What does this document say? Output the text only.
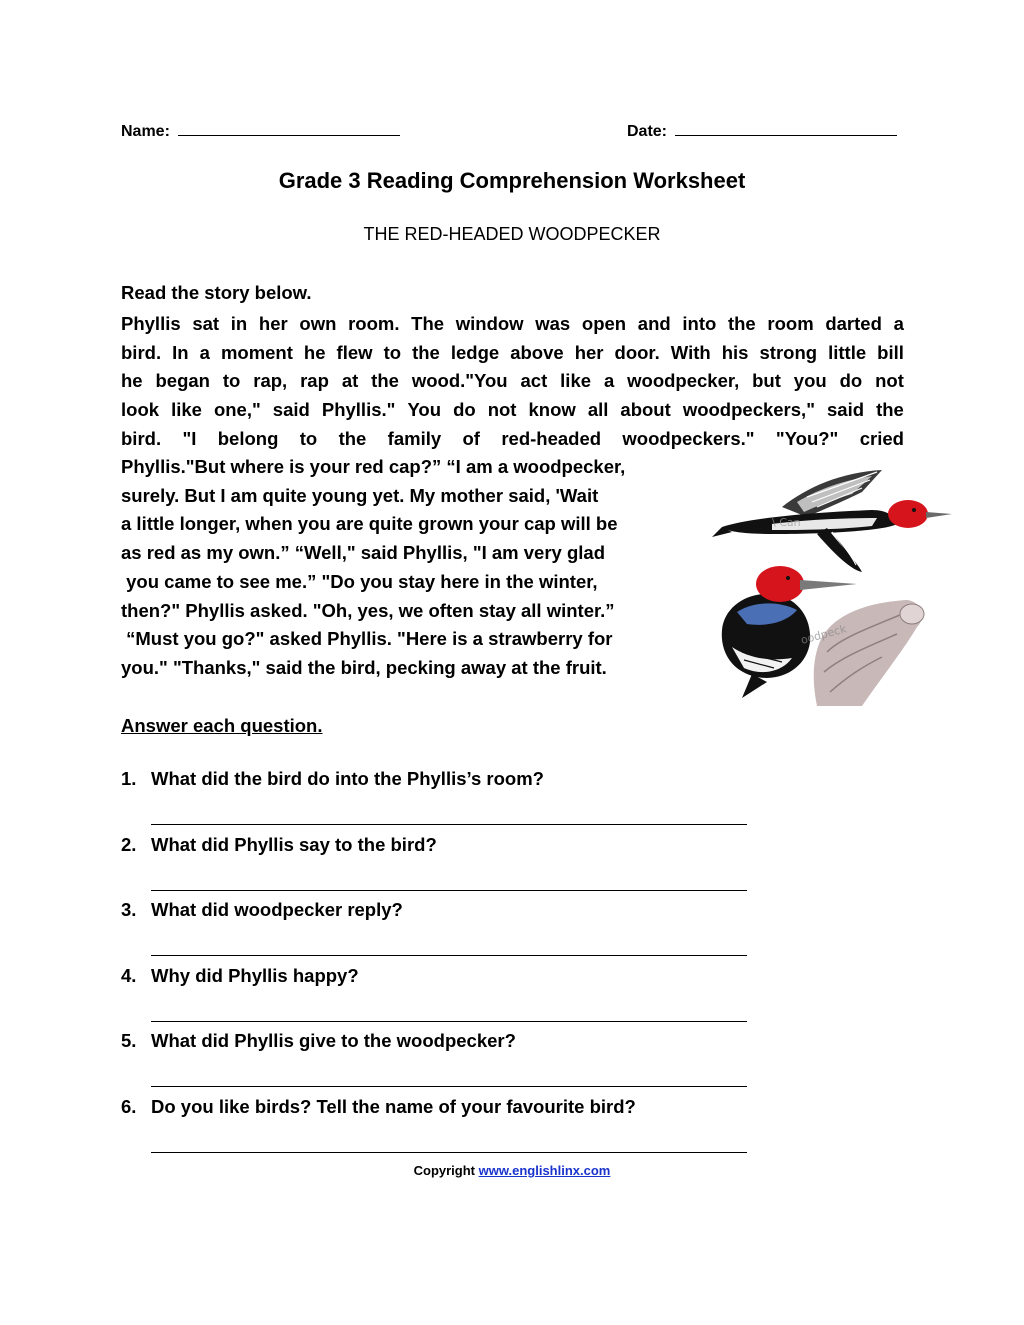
Name:	Date:
Grade 3 Reading Comprehension Worksheet
THE RED-HEADED WOODPECKER
Read the story below.
Phyllis sat in her own room. The window was open and into the room darted a
bird. In a moment he flew to the ledge above her door. With his strong little bill
he began to rap, rap at the wood."You act like a woodpecker, but you do not
look like one," said Phyllis." You do not know all about woodpeckers," said the
bird. "I belong to the family of red-headed woodpeckers." "You?" cried
Phyllis."But where is your red cap?” “I am a woodpecker,
surely. But I am quite young yet. My mother said, 'Wait
a little longer, when you are quite grown your cap will be
as red as my own.” “Well," said Phyllis, "I am very glad
you came to see me.” "Do you stay here in the winter,
then?" Phyllis asked. "Oh, yes, we often stay all winter.”
“Must you go?" asked Phyllis. "Here is a strawberry for
you." "Thanks," said the bird, pecking away at the fruit.
\ Can
oodpeck
Answer each question.
1. What did the bird do into the Phyllis’s room?
2. What did Phyllis say to the bird?
3. What did woodpecker reply?
4. Why did Phyllis happy?
5. What did Phyllis give to the woodpecker?
6. Do you like birds? Tell the name of your favourite bird?
Copyright www.englishlinx.com
